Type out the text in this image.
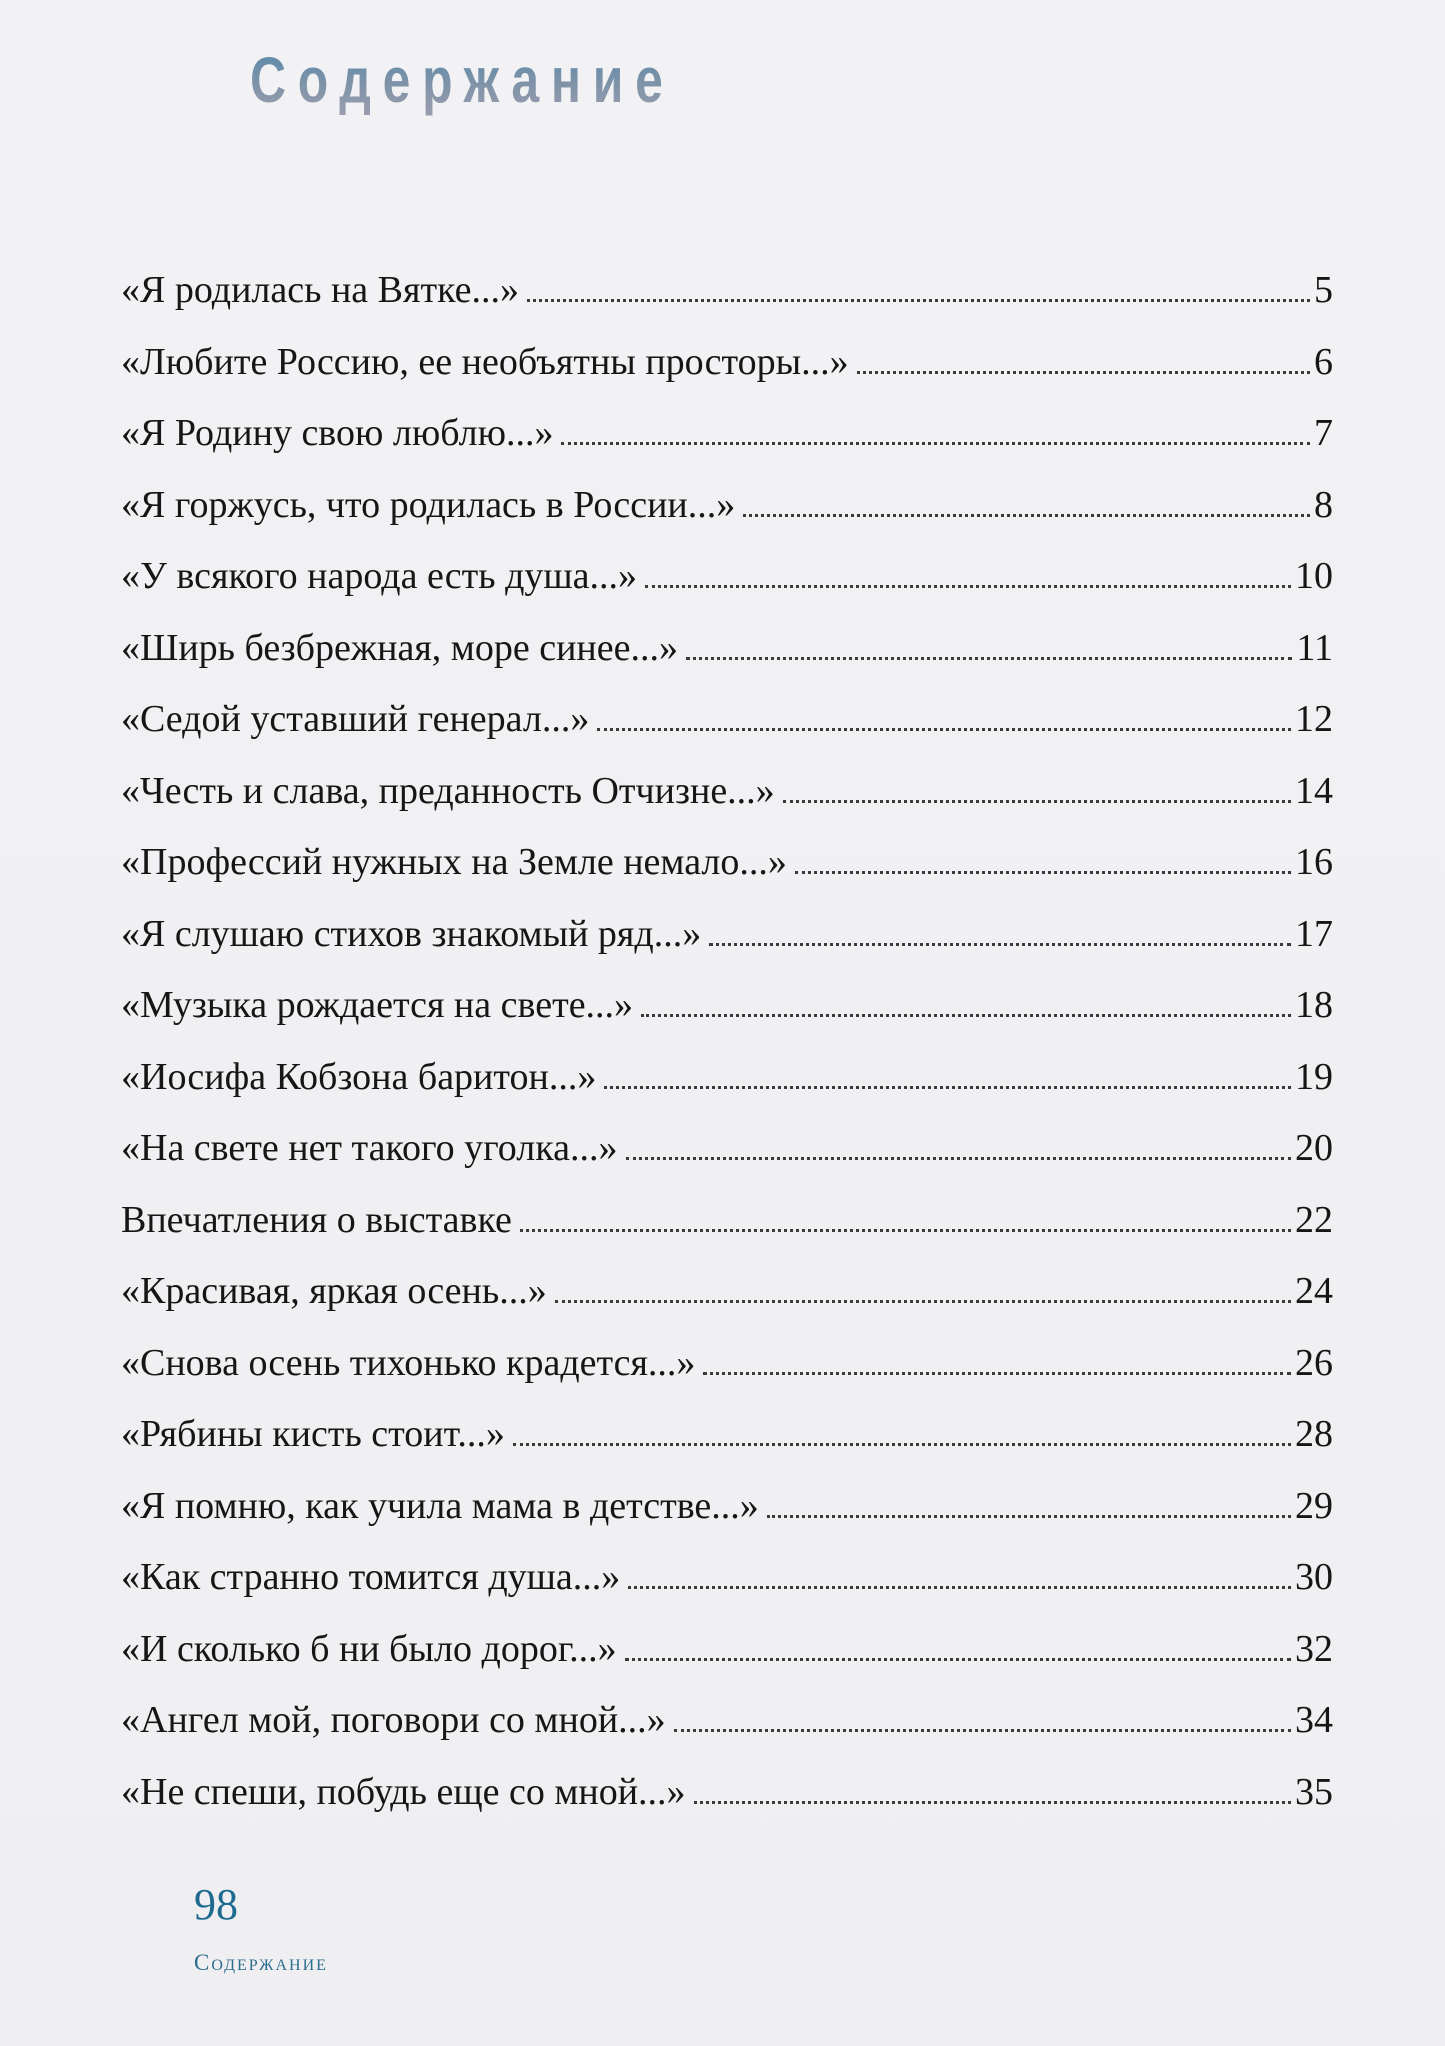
Содержание
«Я родилась на Вятке...»	5
«Любите Россию, ее необъятны просторы...»	6
«Я Родину свою люблю...»	7
«Я горжусь, что родилась в России...»	8
«У всякого народа есть душа...»	10
«Ширь безбрежная, море синее...»	11
«Седой уставший генерал...»	12
«Честь и слава, преданность Отчизне...»	14
«Профессий нужных на Земле немало...»	16
«Я слушаю стихов знакомый ряд...»	17
«Музыка рождается на свете...»	18
«Иосифа Кобзона баритон...»	19
«На свете нет такого уголка...»	20
Впечатления о выставке	22
«Красивая, яркая осень...»	24
«Снова осень тихонько крадется...»	26
«Рябины кисть стоит...»	28
«Я помню, как учила мама в детстве...»	29
«Как странно томится душа...»	30
«И сколько б ни было дорог...»	32
«Ангел мой, поговори со мной...»	34
«Не спеши, побудь еще со мной...»	35
98
Содержание
